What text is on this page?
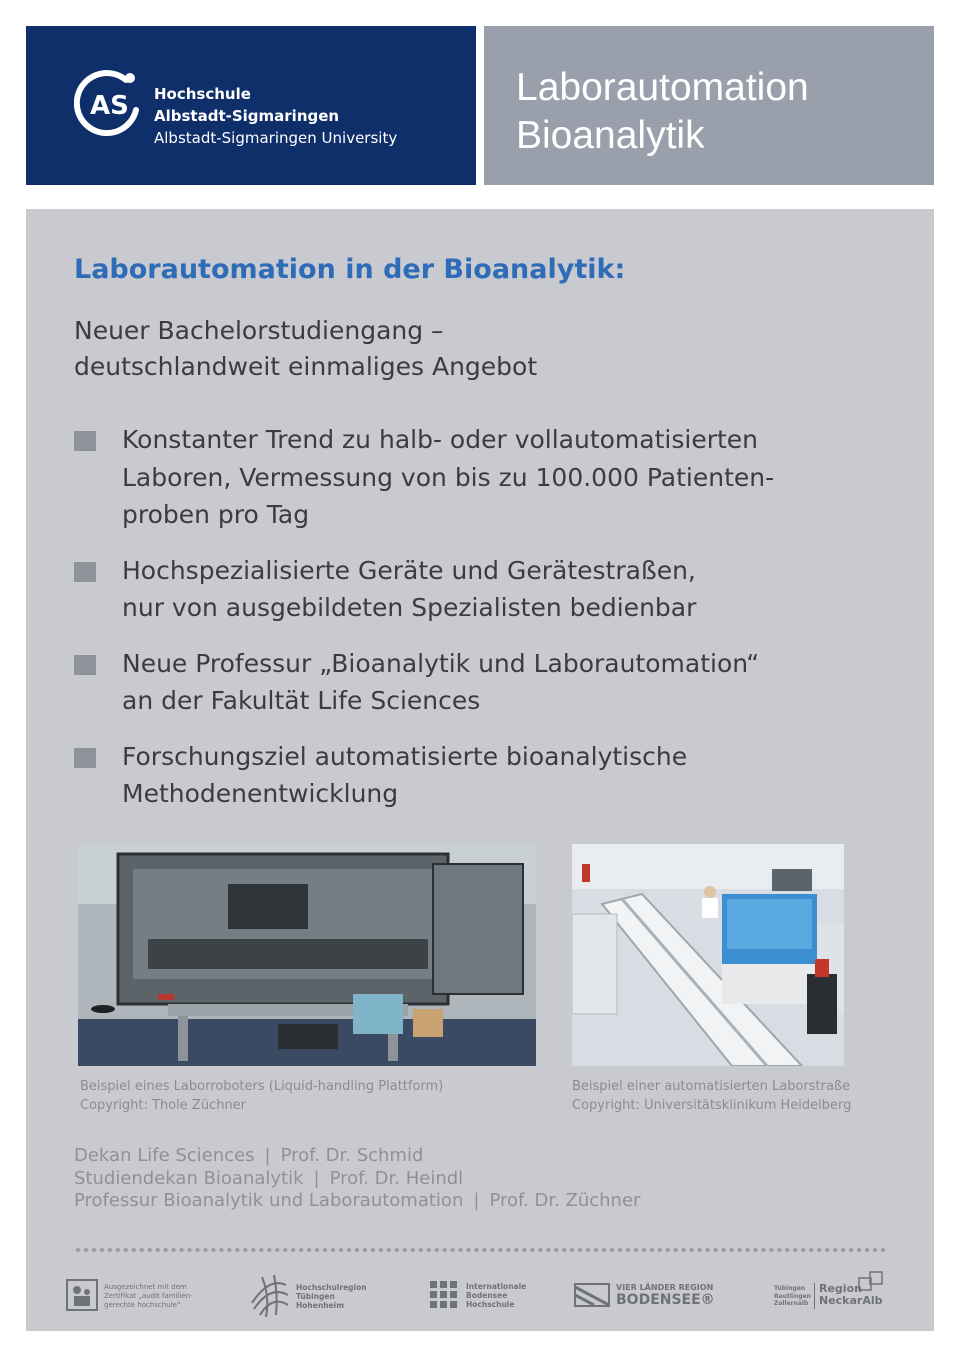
AS Hochschule
Albstadt-Sigmaringen
Albstadt-Sigmaringen University
Laborautomation
Bioanalytik
Laborautomation in der Bioanalytik:
Neuer Bachelorstudiengang –
deutschlandweit einmaliges Angebot
Konstanter Trend zu halb- oder vollautomatisierten
Laboren, Vermessung von bis zu 100.000 Patienten-
proben pro Tag
Hochspezialisierte Geräte und Gerätestraßen,
nur von ausgebildeten Spezialisten bedienbar
Neue Professur „Bioanalytik und Laborautomation“
an der Fakultät Life Sciences
Forschungsziel automatisierte bioanalytische
Methodenentwicklung
Beispiel eines Laborroboters (Liquid-handling Plattform)
Copyright: Thole Züchner
Beispiel einer automatisierten Laborstraße
Copyright: Universitätsklinikum Heidelberg
Dekan Life Sciences | Prof. Dr. Schmid
Studiendekan Bioanalytik | Prof. Dr. Heindl
Professur Bioanalytik und Laborautomation | Prof. Dr. Züchner
Ausgezeichnet mit dem
Zertifikat „audit familien-
gerechte hochschule“
Hochschulregion
Tübingen
Hohenheim
Internationale
Bodensee
Hochschule
VIER LÄNDER REGION
BODENSEE®
Tübingen
Reutlingen
Zollernalb
Region
NeckarAlb
